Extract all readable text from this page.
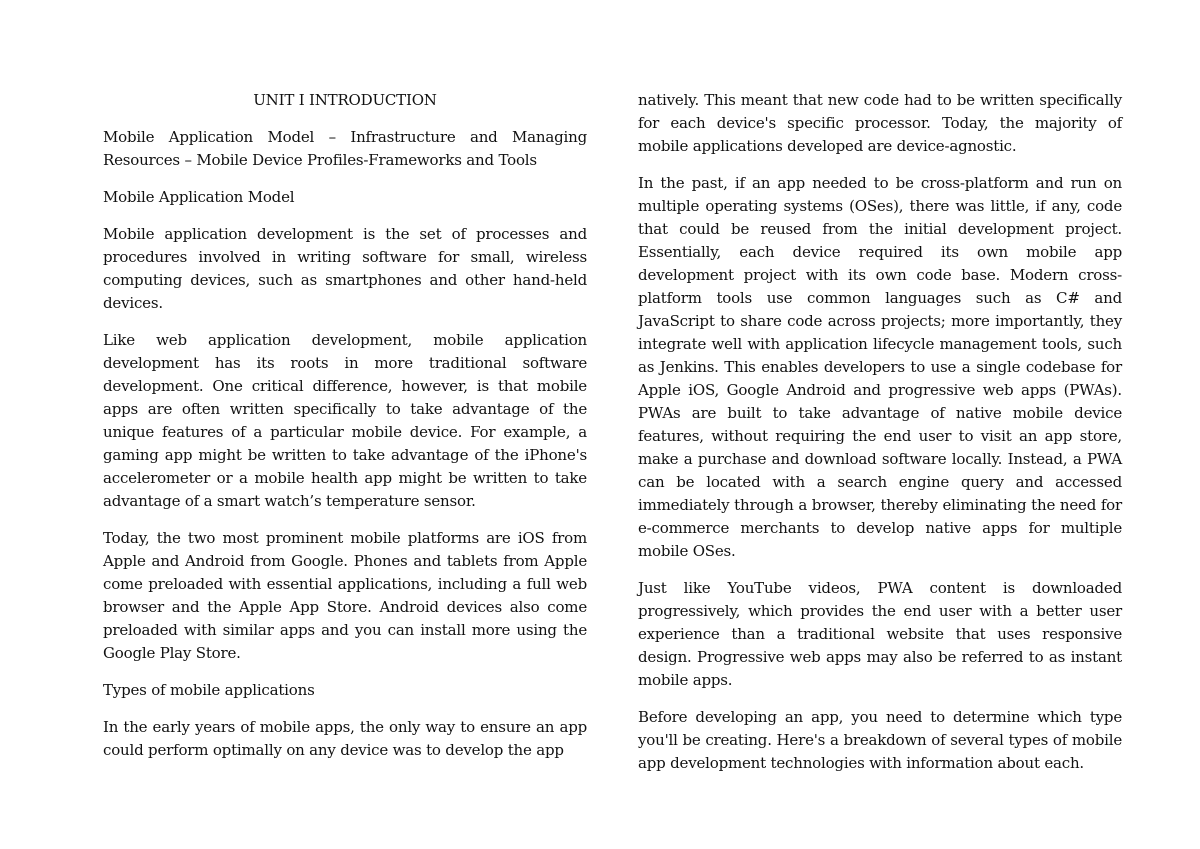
UNIT I INTRODUCTION

Mobile Application Model – Infrastructure and Managing Resources – Mobile Device Profiles-Frameworks and Tools

Mobile Application Model

Mobile application development is the set of processes and procedures involved in writing software for small, wireless computing devices, such as smartphones and other hand-held devices.

Like web application development, mobile application development has its roots in more traditional software development. One critical difference, however, is that mobile apps are often written specifically to take advantage of the unique features of a particular mobile device. For example, a gaming app might be written to take advantage of the iPhone's accelerometer or a mobile health app might be written to take advantage of a smart watch’s temperature sensor.

Today, the two most prominent mobile platforms are iOS from Apple and Android from Google. Phones and tablets from Apple come preloaded with essential applications, including a full web browser and the Apple App Store. Android devices also come preloaded with similar apps and you can install more using the Google Play Store.

Types of mobile applications

In the early years of mobile apps, the only way to ensure an app could perform optimally on any device was to develop the app

natively. This meant that new code had to be written specifically for each device's specific processor. Today, the majority of mobile applications developed are device-agnostic.

In the past, if an app needed to be cross-platform and run on multiple operating systems (OSes), there was little, if any, code that could be reused from the initial development project. Essentially, each device required its own mobile app development project with its own code base. Modern cross-platform tools use common languages such as C# and JavaScript to share code across projects; more importantly, they integrate well with application lifecycle management tools, such as Jenkins. This enables developers to use a single codebase for Apple iOS, Google Android and progressive web apps (PWAs). PWAs are built to take advantage of native mobile device features, without requiring the end user to visit an app store, make a purchase and download software locally. Instead, a PWA can be located with a search engine query and accessed immediately through a browser, thereby eliminating the need for e-commerce merchants to develop native apps for multiple mobile OSes.

Just like YouTube videos, PWA content is downloaded progressively, which provides the end user with a better user experience than a traditional website that uses responsive design. Progressive web apps may also be referred to as instant mobile apps.

Before developing an app, you need to determine which type you'll be creating. Here's a breakdown of several types of mobile app development technologies with information about each.
